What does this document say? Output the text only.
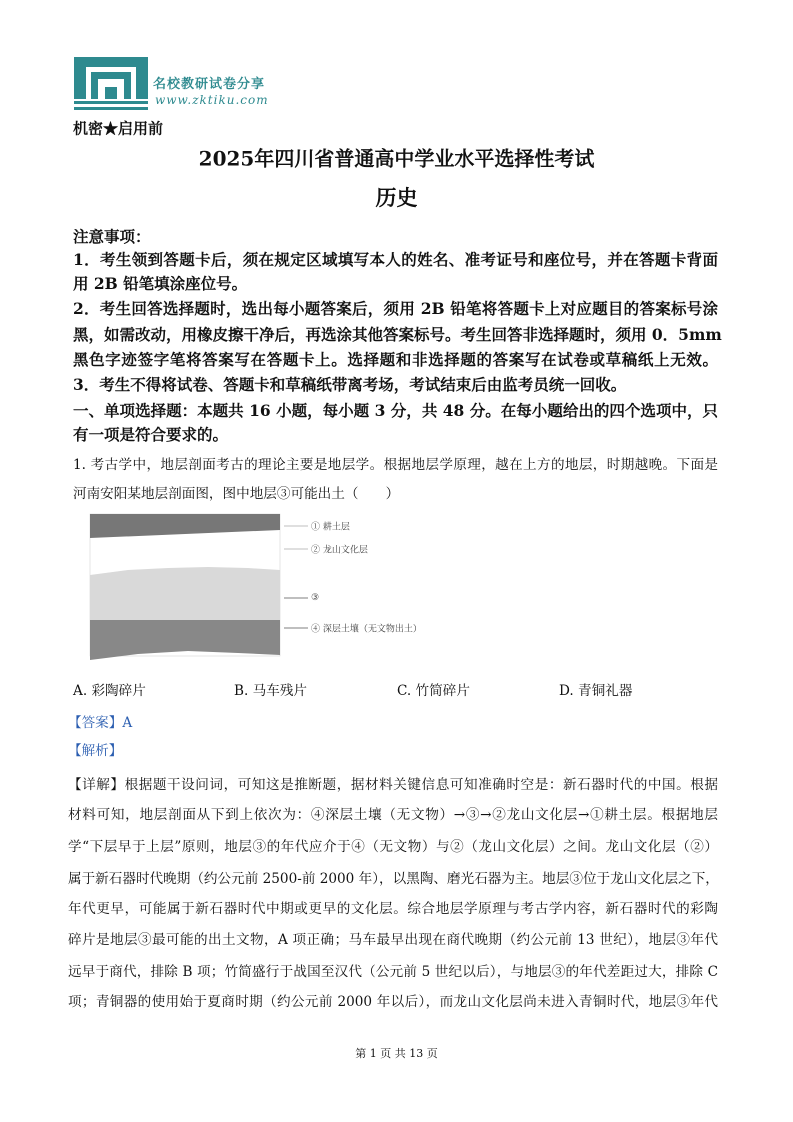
名校教研试卷分享
www.zktiku.com
机密★启用前
2025年四川省普通高中学业水平选择性考试
历史
注意事项：
1．考生领到答题卡后，须在规定区域填写本人的姓名、准考证号和座位号，并在答题卡背面
用 2B 铅笔填涂座位号。
2．考生回答选择题时，选出每小题答案后，须用 2B 铅笔将答题卡上对应题目的答案标号涂
黑，如需改动，用橡皮擦干净后，再选涂其他答案标号。考生回答非选择题时，须用 0．5mm
黑色字迹签字笔将答案写在答题卡上。选择题和非选择题的答案写在试卷或草稿纸上无效。
3．考生不得将试卷、答题卡和草稿纸带离考场，考试结束后由监考员统一回收。
一、单项选择题：本题共 16 小题，每小题 3 分，共 48 分。在每小题给出的四个选项中，只
有一项是符合要求的。
1. 考古学中，地层剖面考古的理论主要是地层学。根据地层学原理，越在上方的地层，时期越晚。下面是
河南安阳某地层剖面图，图中地层③可能出土（　　）
① 耕土层
② 龙山文化层
③
④ 深层土壤（无文物出土）
A. 彩陶碎片	B. 马车残片	C. 竹简碎片	D. 青铜礼器
【答案】A
【解析】
【详解】根据题干设问词，可知这是推断题，据材料关键信息可知准确时空是：新石器时代的中国。根据
材料可知，地层剖面从下到上依次为：④深层土壤（无文物）→③→②龙山文化层→①耕土层。根据地层
学“下层早于上层”原则，地层③的年代应介于④（无文物）与②（龙山文化层）之间。龙山文化层（②）
属于新石器时代晚期（约公元前 2500-前 2000 年），以黑陶、磨光石器为主。地层③位于龙山文化层之下，
年代更早，可能属于新石器时代中期或更早的文化层。综合地层学原理与考古学内容，新石器时代的彩陶
碎片是地层③最可能的出土文物，A 项正确；马车最早出现在商代晚期（约公元前 13 世纪），地层③年代
远早于商代，排除 B 项；竹简盛行于战国至汉代（公元前 5 世纪以后），与地层③的年代差距过大，排除 C
项；青铜器的使用始于夏商时期（约公元前 2000 年以后），而龙山文化层尚未进入青铜时代，地层③年代
第 1 页 共 13 页
